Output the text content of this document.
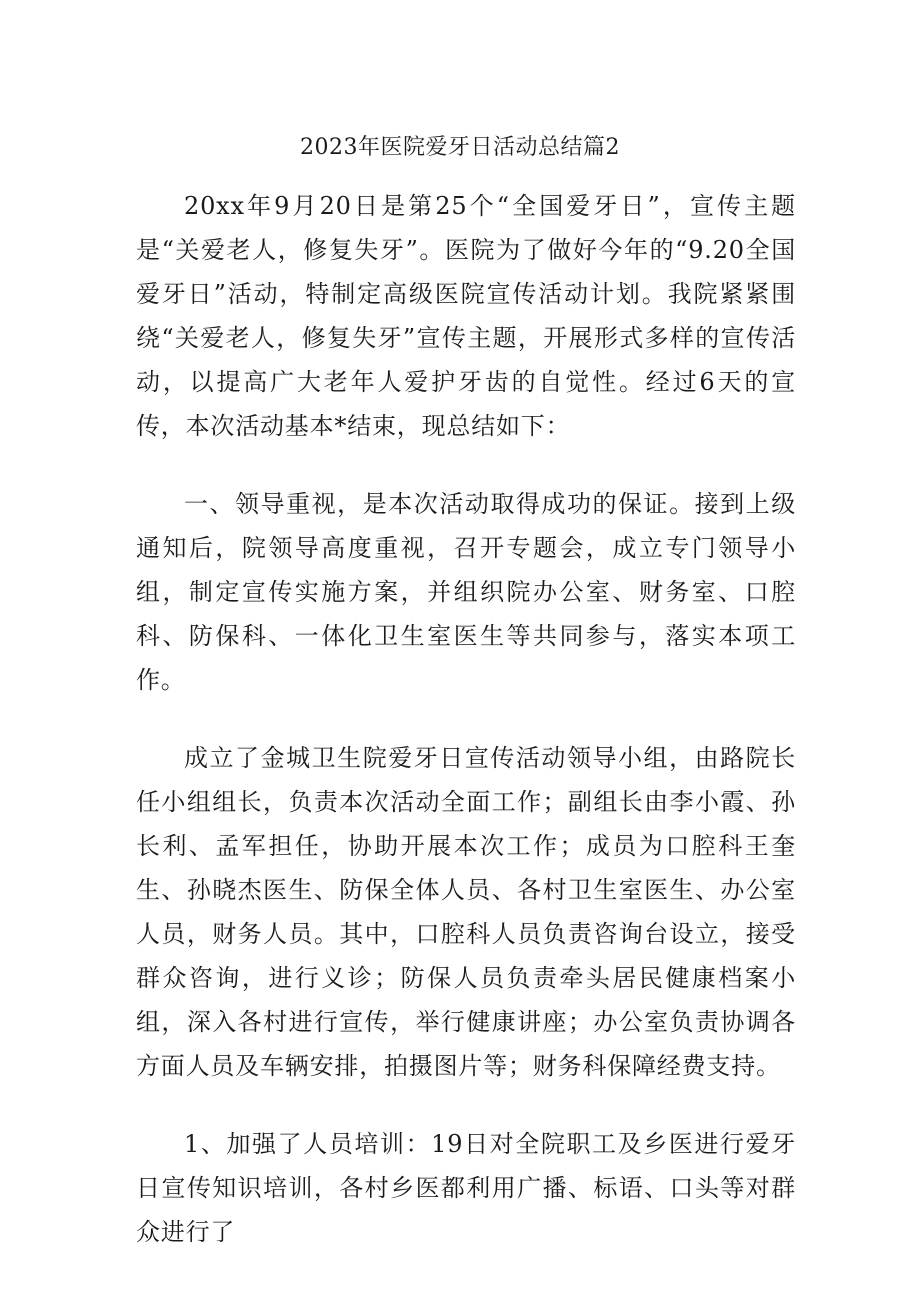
2023年医院爱牙日活动总结篇2

20xx年9月20日是第25个“全国爱牙日”，宣传主题是“关爱老人，修复失牙”。医院为了做好今年的“9.20全国爱牙日”活动，特制定高级医院宣传活动计划。我院紧紧围绕“关爱老人，修复失牙”宣传主题，开展形式多样的宣传活动，以提高广大老年人爱护牙齿的自觉性。经过6天的宣传，本次活动基本*结束，现总结如下：

一、领导重视，是本次活动取得成功的保证。接到上级通知后，院领导高度重视，召开专题会，成立专门领导小组，制定宣传实施方案，并组织院办公室、财务室、口腔科、防保科、一体化卫生室医生等共同参与，落实本项工作。

成立了金城卫生院爱牙日宣传活动领导小组，由路院长任小组组长，负责本次活动全面工作；副组长由李小霞、孙长利、孟军担任，协助开展本次工作；成员为口腔科王奎生、孙晓杰医生、防保全体人员、各村卫生室医生、办公室人员，财务人员。其中，口腔科人员负责咨询台设立，接受群众咨询，进行义诊；防保人员负责牵头居民健康档案小组，深入各村进行宣传，举行健康讲座；办公室负责协调各方面人员及车辆安排，拍摄图片等；财务科保障经费支持。

1、加强了人员培训：19日对全院职工及乡医进行爱牙日宣传知识培训，各村乡医都利用广播、标语、口头等对群众进行了
